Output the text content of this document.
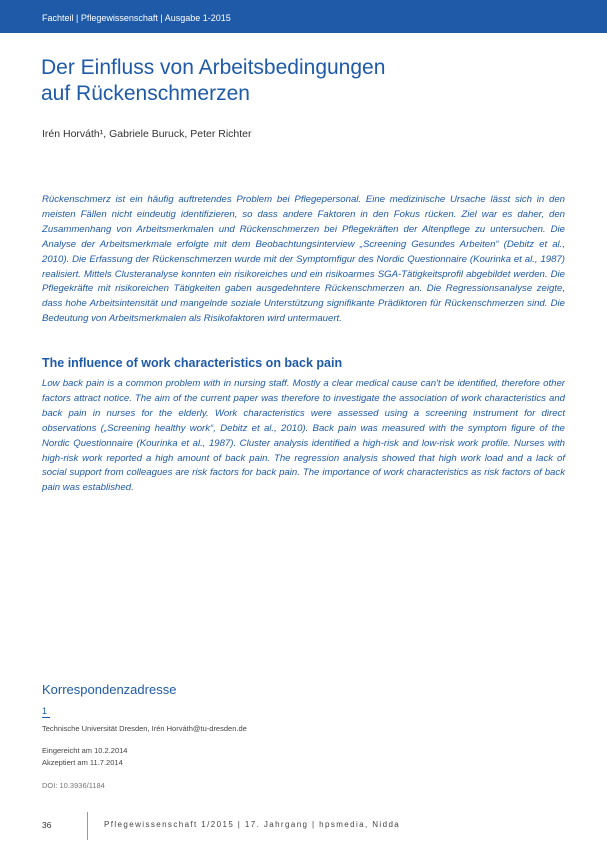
Fachteil | Pflegewissenschaft | Ausgabe 1-2015
Der Einfluss von Arbeitsbedingungen
auf Rückenschmerzen
Irén Horváth¹, Gabriele Buruck, Peter Richter

Rückenschmerz ist ein häufig auftretendes Problem bei Pflegepersonal. Eine medizinische Ursache lässt sich in den meisten Fällen nicht eindeutig identifizieren, so dass andere Faktoren in den Fokus rücken. Ziel war es daher, den Zusammenhang von Arbeitsmerkmalen und Rückenschmerzen bei Pflegekräften der Altenpflege zu untersuchen. Die Analyse der Arbeitsmerkmale erfolgte mit dem Beobachtungsinterview „Screening Gesundes Arbeiten“ (Debitz et al., 2010). Die Erfassung der Rückenschmerzen wurde mit der Symptomfigur des Nordic Questionnaire (Kourinka et al., 1987) realisiert. Mittels Clusteranalyse konnten ein risikoreiches und ein risikoarmes SGA-Tätigkeitsprofil abgebildet werden. Die Pflegekräfte mit risikoreichen Tätigkeiten gaben ausgedehntere Rückenschmerzen an. Die Regressionsanalyse zeigte, dass hohe Arbeitsintensität und mangelnde soziale Unterstützung signifikante Prädiktoren für Rückenschmerzen sind. Die Bedeutung von Arbeitsmerkmalen als Risikofaktoren wird untermauert.

The influence of work characteristics on back pain

Low back pain is a common problem with in nursing staff. Mostly a clear medical cause can't be identified, therefore other factors attract notice. The aim of the current paper was therefore to investigate the association of work characteristics and back pain in nurses for the elderly. Work characteristics were assessed using a screening instrument for direct observations („Screening healthy work“, Debitz et al., 2010). Back pain was measured with the symptom figure of the Nordic Questionnaire (Kourinka et al., 1987). Cluster analysis identified a high-risk and low-risk work profile. Nurses with high-risk work reported a high amount of back pain. The regression analysis showed that high work load and a lack of social support from colleagues are risk factors for back pain. The importance of work characteristics as risk factors of back pain was established.

Korrespondenzadresse
1
Technische Universität Dresden, Irén Horváth@tu-dresden.de
Eingereicht am 10.2.2014
Akzeptiert am 11.7.2014
DOI: 10.3936/1184
36	Pflegewissenschaft 1/2015 | 17. Jahrgang | hpsmedia, Nidda
